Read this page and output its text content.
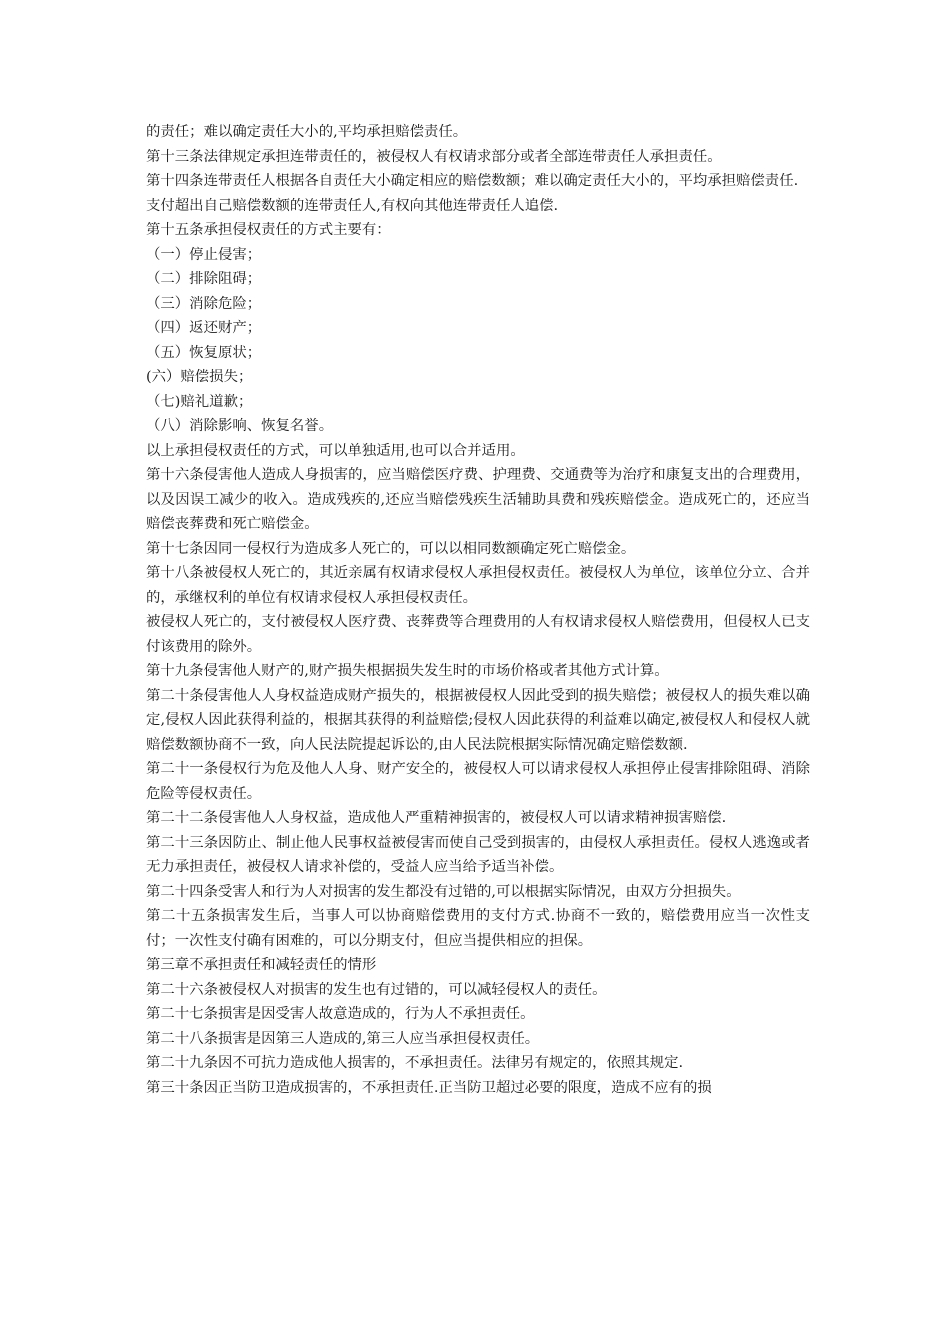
的责任；难以确定责任大小的,平均承担赔偿责任。

第十三条法律规定承担连带责任的，被侵权人有权请求部分或者全部连带责任人承担责任。

第十四条连带责任人根据各自责任大小确定相应的赔偿数额；难以确定责任大小的，平均承担赔偿责任.

支付超出自己赔偿数额的连带责任人,有权向其他连带责任人追偿.

第十五条承担侵权责任的方式主要有：

（一）停止侵害；

（二）排除阻碍；

（三）消除危险；

（四）返还财产；

（五）恢复原状；

(六）赔偿损失；

（七)赔礼道歉；

（八）消除影响、恢复名誉。

以上承担侵权责任的方式，可以单独适用,也可以合并适用。

第十六条侵害他人造成人身损害的，应当赔偿医疗费、护理费、交通费等为治疗和康复支出的合理费用，以及因误工减少的收入。造成残疾的,还应当赔偿残疾生活辅助具费和残疾赔偿金。造成死亡的，还应当赔偿丧葬费和死亡赔偿金。

第十七条因同一侵权行为造成多人死亡的，可以以相同数额确定死亡赔偿金。

第十八条被侵权人死亡的，其近亲属有权请求侵权人承担侵权责任。被侵权人为单位，该单位分立、合并的，承继权利的单位有权请求侵权人承担侵权责任。

被侵权人死亡的，支付被侵权人医疗费、丧葬费等合理费用的人有权请求侵权人赔偿费用，但侵权人已支付该费用的除外。

第十九条侵害他人财产的,财产损失根据损失发生时的市场价格或者其他方式计算。

第二十条侵害他人人身权益造成财产损失的，根据被侵权人因此受到的损失赔偿；被侵权人的损失难以确定,侵权人因此获得利益的，根据其获得的利益赔偿;侵权人因此获得的利益难以确定,被侵权人和侵权人就赔偿数额协商不一致，向人民法院提起诉讼的,由人民法院根据实际情况确定赔偿数额.

第二十一条侵权行为危及他人人身、财产安全的，被侵权人可以请求侵权人承担停止侵害排除阻碍、消除危险等侵权责任。

第二十二条侵害他人人身权益，造成他人严重精神损害的，被侵权人可以请求精神损害赔偿.

第二十三条因防止、制止他人民事权益被侵害而使自己受到损害的，由侵权人承担责任。侵权人逃逸或者无力承担责任，被侵权人请求补偿的，受益人应当给予适当补偿。

第二十四条受害人和行为人对损害的发生都没有过错的,可以根据实际情况，由双方分担损失。

第二十五条损害发生后，当事人可以协商赔偿费用的支付方式.协商不一致的，赔偿费用应当一次性支付；一次性支付确有困难的，可以分期支付，但应当提供相应的担保。

第三章不承担责任和减轻责任的情形

第二十六条被侵权人对损害的发生也有过错的，可以减轻侵权人的责任。

第二十七条损害是因受害人故意造成的，行为人不承担责任。

第二十八条损害是因第三人造成的,第三人应当承担侵权责任。

第二十九条因不可抗力造成他人损害的，不承担责任。法律另有规定的，依照其规定.

第三十条因正当防卫造成损害的，不承担责任.正当防卫超过必要的限度，造成不应有的损
